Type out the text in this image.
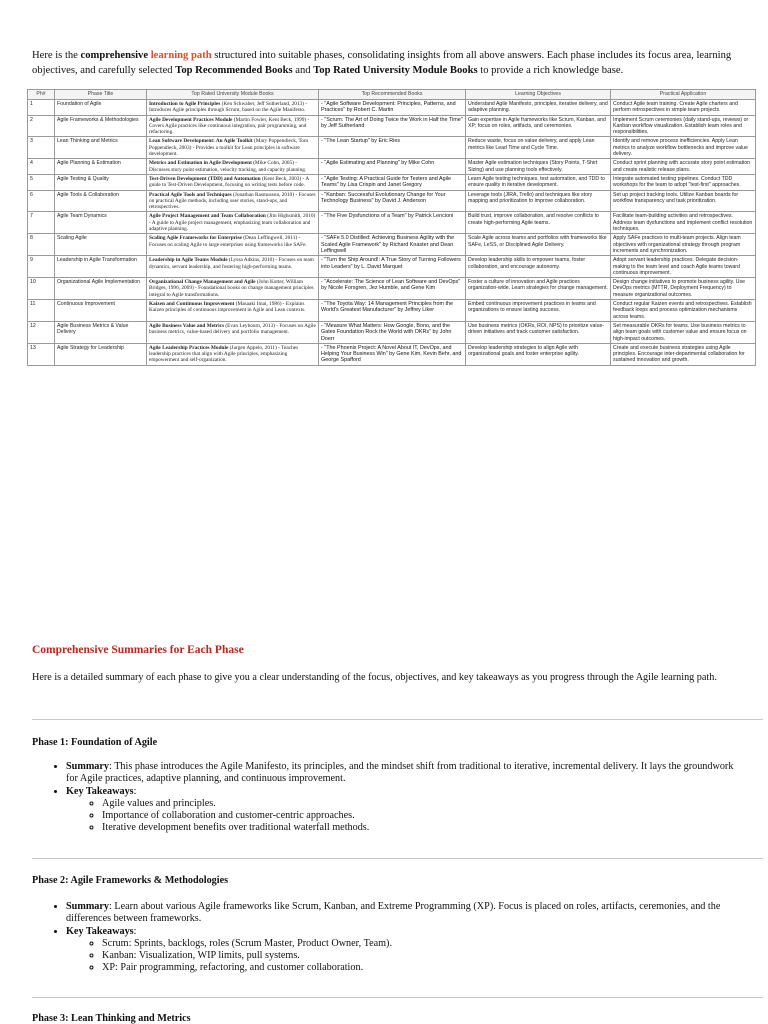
Here is the comprehensive learning path structured into suitable phases, consolidating insights from all above answers. Each phase includes its focus area, learning objectives, and carefully selected Top Recommended Books and Top Rated University Module Books to provide a rich knowledge base.
Ph#	Phase Title	Top Rated University Module Books	Top Recommended Books	Learning Objectives	Practical Application
1	Foundation of Agile	Introduction to Agile Principles (Ken Schwaber, Jeff Sutherland, 2013) - Introduces Agile principles through Scrum, based on the Agile Manifesto.	- "Agile Software Development: Principles, Patterns, and Practices" by Robert C. Martin	Understand Agile Manifesto, principles, iterative delivery, and adaptive planning.	Conduct Agile team training. Create Agile charters and perform retrospectives in simple team projects.
2	Agile Frameworks & Methodologies	Agile Development Practices Module (Martin Fowler, Kent Beck, 1999) - Covers Agile practices like continuous integration, pair programming, and refactoring.	- "Scrum: The Art of Doing Twice the Work in Half the Time" by Jeff Sutherland	Gain expertise in Agile frameworks like Scrum, Kanban, and XP; focus on roles, artifacts, and ceremonies.	Implement Scrum ceremonies (daily stand-ups, reviews) or Kanban workflow visualization. Establish team roles and responsibilities.
3	Lean Thinking and Metrics	Lean Software Development: An Agile Toolkit (Mary Poppendieck, Tom Poppendieck, 2003) - Provides a toolkit for Lean principles in software development.	- "The Lean Startup" by Eric Ries	Reduce waste, focus on value delivery, and apply Lean metrics like Lead Time and Cycle Time.	Identify and remove process inefficiencies. Apply Lean metrics to analyze workflow bottlenecks and improve value delivery.
4	Agile Planning & Estimation	Metrics and Estimation in Agile Development (Mike Cohn, 2005) - Discusses story point estimation, velocity tracking, and capacity planning.	- "Agile Estimating and Planning" by Mike Cohn	Master Agile estimation techniques (Story Points, T-Shirt Sizing) and use planning tools effectively.	Conduct sprint planning with accurate story point estimation and create realistic release plans.
5	Agile Testing & Quality	Test-Driven Development (TDD) and Automation (Kent Beck, 2003) - A guide to Test-Driven Development, focusing on writing tests before code.	- "Agile Testing: A Practical Guide for Testers and Agile Teams" by Lisa Crispin and Janet Gregory	Learn Agile testing techniques, test automation, and TDD to ensure quality in iterative development.	Integrate automated testing pipelines. Conduct TDD workshops for the team to adopt "test-first" approaches.
6	Agile Tools & Collaboration	Practical Agile Tools and Techniques (Jonathan Rasmusson, 2010) - Focuses on practical Agile methods, including user stories, stand-ups, and retrospectives.	- "Kanban: Successful Evolutionary Change for Your Technology Business" by David J. Anderson	Leverage tools (JIRA, Trello) and techniques like story mapping and prioritization to improve collaboration.	Set up project tracking tools. Utilize Kanban boards for workflow transparency and task prioritization.
7	Agile Team Dynamics	Agile Project Management and Team Collaboration (Jim Highsmith, 2010) - A guide to Agile project management, emphasizing team collaboration and adaptive planning.	- "The Five Dysfunctions of a Team" by Patrick Lencioni	Build trust, improve collaboration, and resolve conflicts to create high-performing Agile teams.	Facilitate team-building activities and retrospectives. Address team dysfunctions and implement conflict resolution techniques.
8	Scaling Agile	Scaling Agile Frameworks for Enterprise (Dean Leffingwell, 2011) - Focuses on scaling Agile to large enterprises using frameworks like SAFe.	- "SAFe 5.0 Distilled: Achieving Business Agility with the Scaled Agile Framework" by Richard Knaster and Dean Leffingwell	Scale Agile across teams and portfolios with frameworks like SAFe, LeSS, or Disciplined Agile Delivery.	Apply SAFe practices to multi-team projects. Align team objectives with organizational strategy through program increments and synchronization.
9	Leadership in Agile Transformation	Leadership in Agile Teams Module (Lyssa Adkins, 2010) - Focuses on team dynamics, servant leadership, and fostering high-performing teams.	- "Turn the Ship Around!: A True Story of Turning Followers into Leaders" by L. David Marquet	Develop leadership skills to empower teams, foster collaboration, and encourage autonomy.	Adopt servant leadership practices. Delegate decision-making to the team level and coach Agile teams toward continuous improvement.
10	Organizational Agile Implementation	Organizational Change Management and Agile (John Kotter, William Bridges, 1996, 2009) - Foundational books on change management principles integral to Agile transformations.	- "Accelerate: The Science of Lean Software and DevOps" by Nicole Forsgren, Jez Humble, and Gene Kim	Foster a culture of innovation and Agile practices organization-wide. Learn strategies for change management.	Design change initiatives to promote business agility. Use DevOps metrics (MTTR, Deployment Frequency) to measure organizational outcomes.
11	Continuous Improvement	Kaizen and Continuous Improvement (Masaaki Imai, 1986) - Explains Kaizen principles of continuous improvement in Agile and Lean contexts.	- "The Toyota Way: 14 Management Principles from the World's Greatest Manufacturer" by Jeffrey Liker	Embed continuous improvement practices in teams and organizations to ensure lasting success.	Conduct regular Kaizen events and retrospectives. Establish feedback loops and process optimization mechanisms across teams.
12	Agile Business Metrics & Value Delivery	Agile Business Value and Metrics (Evan Leybourn, 2013) - Focuses on Agile business metrics, value-based delivery and portfolio management.	- "Measure What Matters: How Google, Bono, and the Gates Foundation Rock the World with OKRs" by John Doerr	Use business metrics (OKRs, ROI, NPS) to prioritize value-driven initiatives and track customer satisfaction.	Set measurable OKRs for teams. Use business metrics to align team goals with customer value and ensure focus on high-impact outcomes.
13	Agile Strategy for Leadership	Agile Leadership Practices Module (Jurgen Appelo, 2011) - Teaches leadership practices that align with Agile principles, emphasizing empowerment and self-organization.	- "The Phoenix Project: A Novel About IT, DevOps, and Helping Your Business Win" by Gene Kim, Kevin Behr, and George Spafford	Develop leadership strategies to align Agile with organizational goals and foster enterprise agility.	Create and execute business strategies using Agile principles. Encourage inter-departmental collaboration for sustained innovation and growth.
Comprehensive Summaries for Each Phase

Here is a detailed summary of each phase to give you a clear understanding of the focus, objectives, and key takeaways as you progress through the Agile learning path.

Phase 1: Foundation of Agile
• Summary: This phase introduces the Agile Manifesto, its principles, and the mindset shift from traditional to iterative, incremental delivery. It lays the groundwork for Agile practices, adaptive planning, and continuous improvement.
• Key Takeaways:
◦ Agile values and principles.
◦ Importance of collaboration and customer-centric approaches.
◦ Iterative development benefits over traditional waterfall methods.
Phase 2: Agile Frameworks & Methodologies
• Summary: Learn about various Agile frameworks like Scrum, Kanban, and Extreme Programming (XP). Focus is placed on roles, artifacts, ceremonies, and the differences between frameworks.
• Key Takeaways:
◦ Scrum: Sprints, backlogs, roles (Scrum Master, Product Owner, Team).
◦ Kanban: Visualization, WIP limits, pull systems.
◦ XP: Pair programming, refactoring, and customer collaboration.
Phase 3: Lean Thinking and Metrics
